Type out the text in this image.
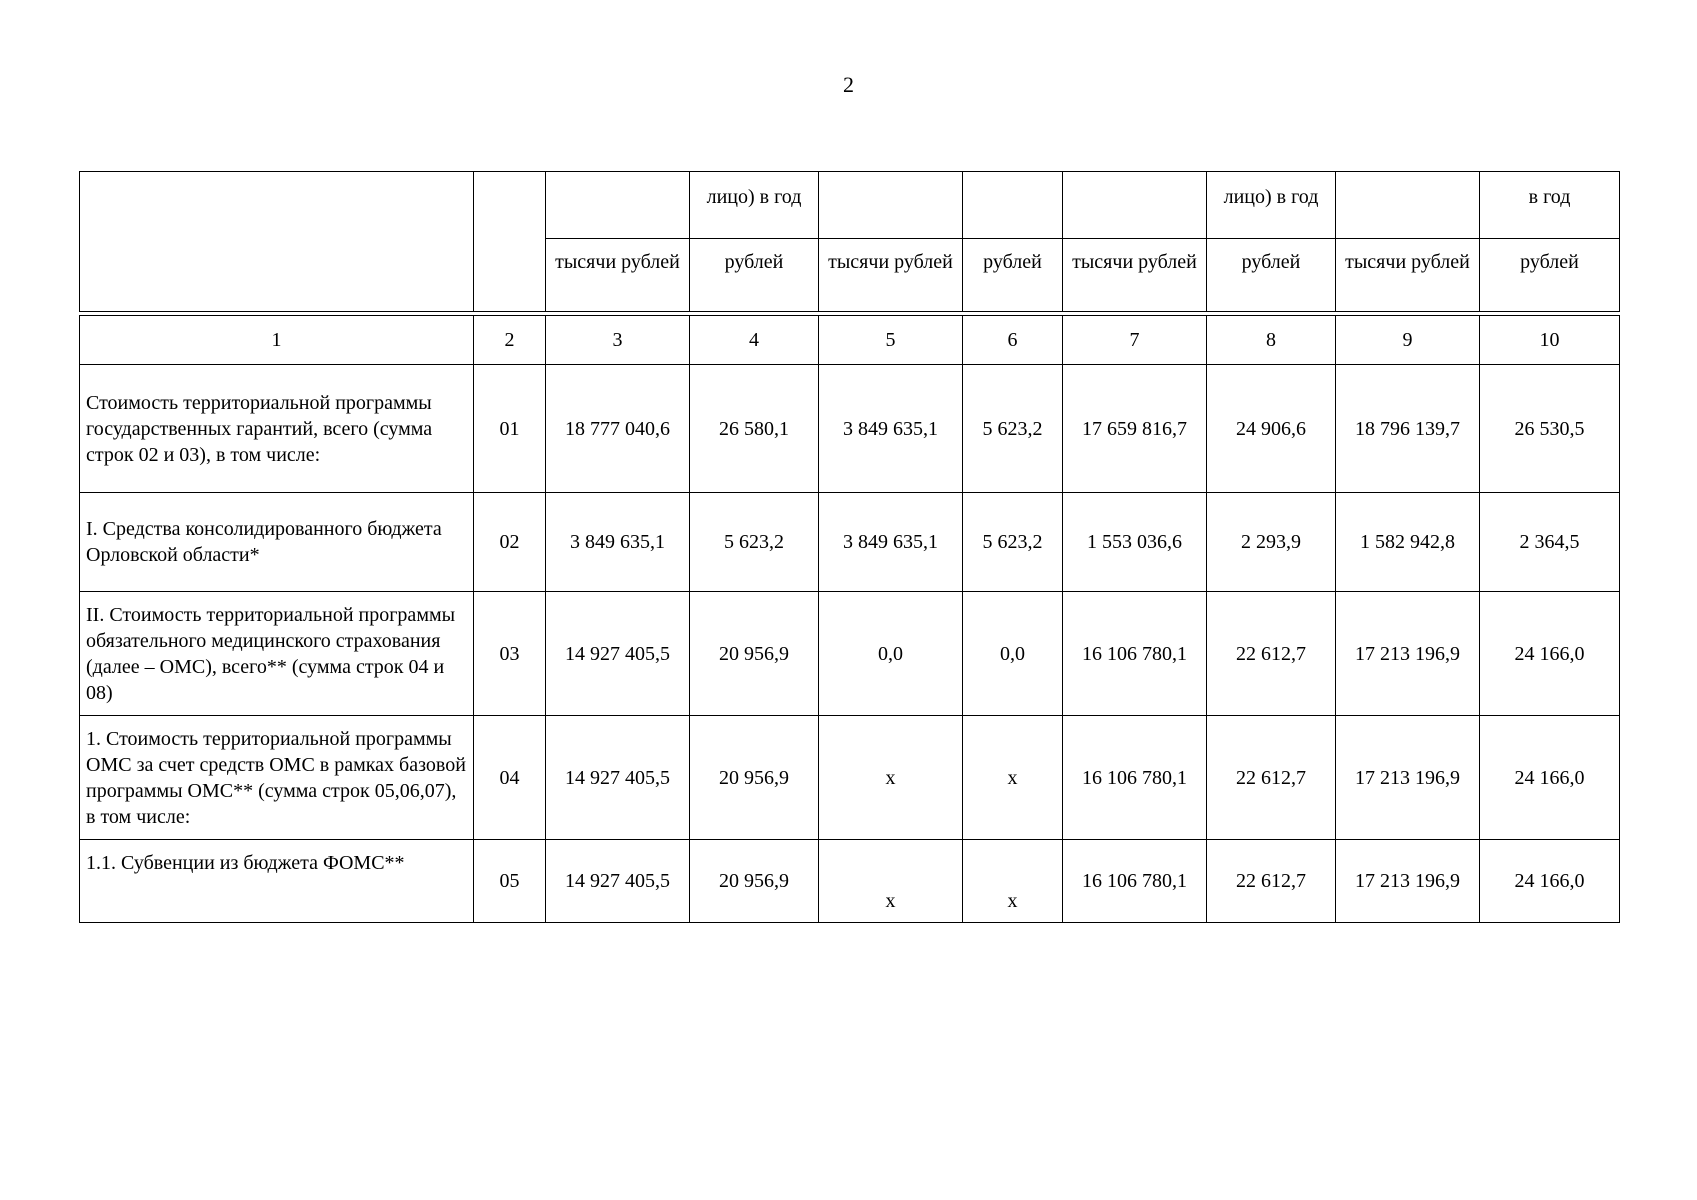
2

			лицо) в год				лицо) в год		в год

		тысячи рублей	рублей	тысячи рублей	рублей	тысячи рублей	рублей	тысячи рублей	рублей
1	2	3	4	5	6	7	8	9	10
Стоимость территориальной программы государственных гарантий, всего (сумма строк 02 и 03), в том числе:	01	18 777 040,6	26 580,1	3 849 635,1	5 623,2	17 659 816,7	24 906,6	18 796 139,7	26 530,5
I. Средства консолидированного бюджета Орловской области*	02	3 849 635,1	5 623,2	3 849 635,1	5 623,2	1 553 036,6	2 293,9	1 582 942,8	2 364,5
II. Стоимость территориальной программы обязательного медицинского страхования (далее – ОМС), всего** (сумма строк 04 и 08)	03	14 927 405,5	20 956,9	0,0	0,0	16 106 780,1	22 612,7	17 213 196,9	24 166,0
1. Стоимость территориальной программы ОМС за счет средств ОМС в рамках базовой программы ОМС** (сумма строк 05,06,07), в том числе:	04	14 927 405,5	20 956,9	х	х	16 106 780,1	22 612,7	17 213 196,9	24 166,0
1.1. Субвенции из бюджета ФОМС**	05	14 927 405,5	20 956,9	х	х	16 106 780,1	22 612,7	17 213 196,9	24 166,0
